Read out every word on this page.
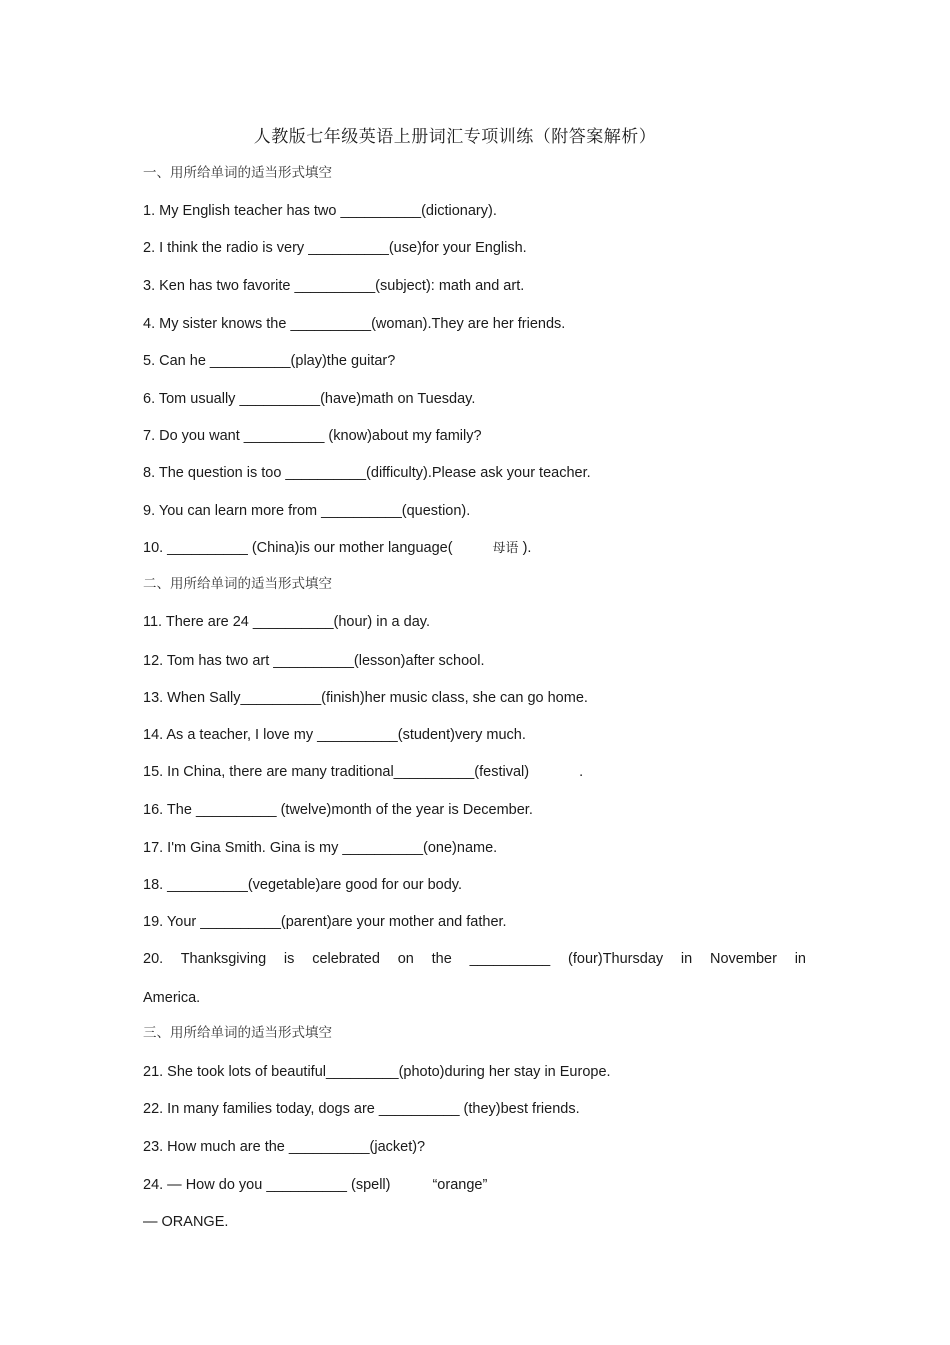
人教版七年级英语上册词汇专项训练（附答案解析）
一、用所给单词的适当形式填空
1. My English teacher has two __________(dictionary).
2. I think the radio is very __________(use)for your English.
3. Ken has two favorite __________(subject): math and art.
4. My sister knows the __________(woman).They are her friends.
5. Can he __________(play)the guitar?
6. Tom usually __________(have)math on Tuesday.
7. Do you want __________ (know)about my family?
8. The question is too __________(difficulty).Please ask your teacher.
9. You can learn more from __________(question).
10. __________ (China)is our mother language(	母语 ).
二、用所给单词的适当形式填空
11. There are 24 __________(hour) in a day.
12. Tom has two art __________(lesson)after school.
13. When Sally__________(finish)her music class, she can go home.
14. As a teacher, I love my __________(student)very much.
15. In China, there are many traditional__________(festival)	.
16. The __________ (twelve)month of the year is December.
17. I'm Gina Smith. Gina is my __________(one)name.
18. __________(vegetable)are good for our body.
19. Your __________(parent)are your mother and father.
20. Thanksgiving is celebrated on the __________ (four)Thursday in November in
America.
三、用所给单词的适当形式填空
21. She took lots of beautiful_________(photo)during her stay in Europe.
22. In many families today, dogs are __________ (they)best friends.
23. How much are the __________(jacket)?
24. — How do you __________ (spell)	“orange”
— ORANGE.
